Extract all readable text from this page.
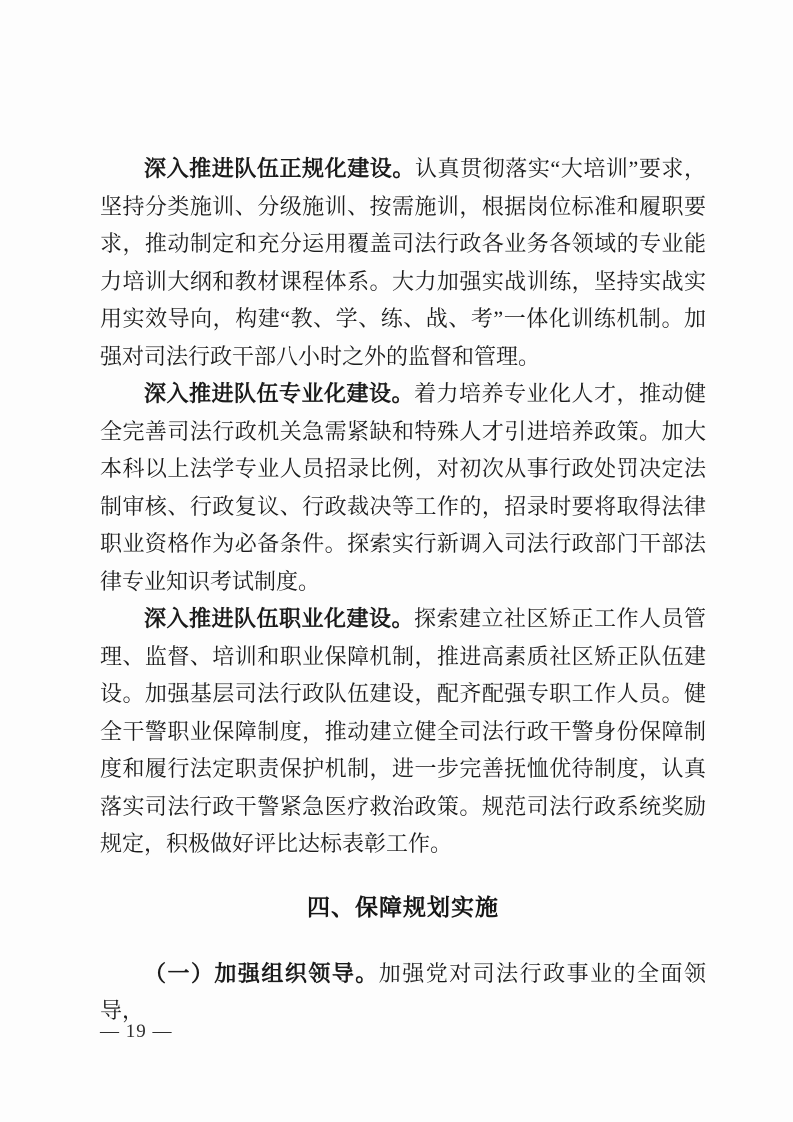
深入推进队伍正规化建设。认真贯彻落实“大培训”要求，坚持分类施训、分级施训、按需施训，根据岗位标准和履职要求，推动制定和充分运用覆盖司法行政各业务各领域的专业能力培训大纲和教材课程体系。大力加强实战训练，坚持实战实用实效导向，构建“教、学、练、战、考”一体化训练机制。加强对司法行政干部八小时之外的监督和管理。

深入推进队伍专业化建设。着力培养专业化人才，推动健全完善司法行政机关急需紧缺和特殊人才引进培养政策。加大本科以上法学专业人员招录比例，对初次从事行政处罚决定法制审核、行政复议、行政裁决等工作的，招录时要将取得法律职业资格作为必备条件。探索实行新调入司法行政部门干部法律专业知识考试制度。

深入推进队伍职业化建设。探索建立社区矫正工作人员管理、监督、培训和职业保障机制，推进高素质社区矫正队伍建设。加强基层司法行政队伍建设，配齐配强专职工作人员。健全干警职业保障制度，推动建立健全司法行政干警身份保障制度和履行法定职责保护机制，进一步完善抚恤优待制度，认真落实司法行政干警紧急医疗救治政策。规范司法行政系统奖励规定，积极做好评比达标表彰工作。

四、保障规划实施

（一）加强组织领导。加强党对司法行政事业的全面领导，

— 19 —
